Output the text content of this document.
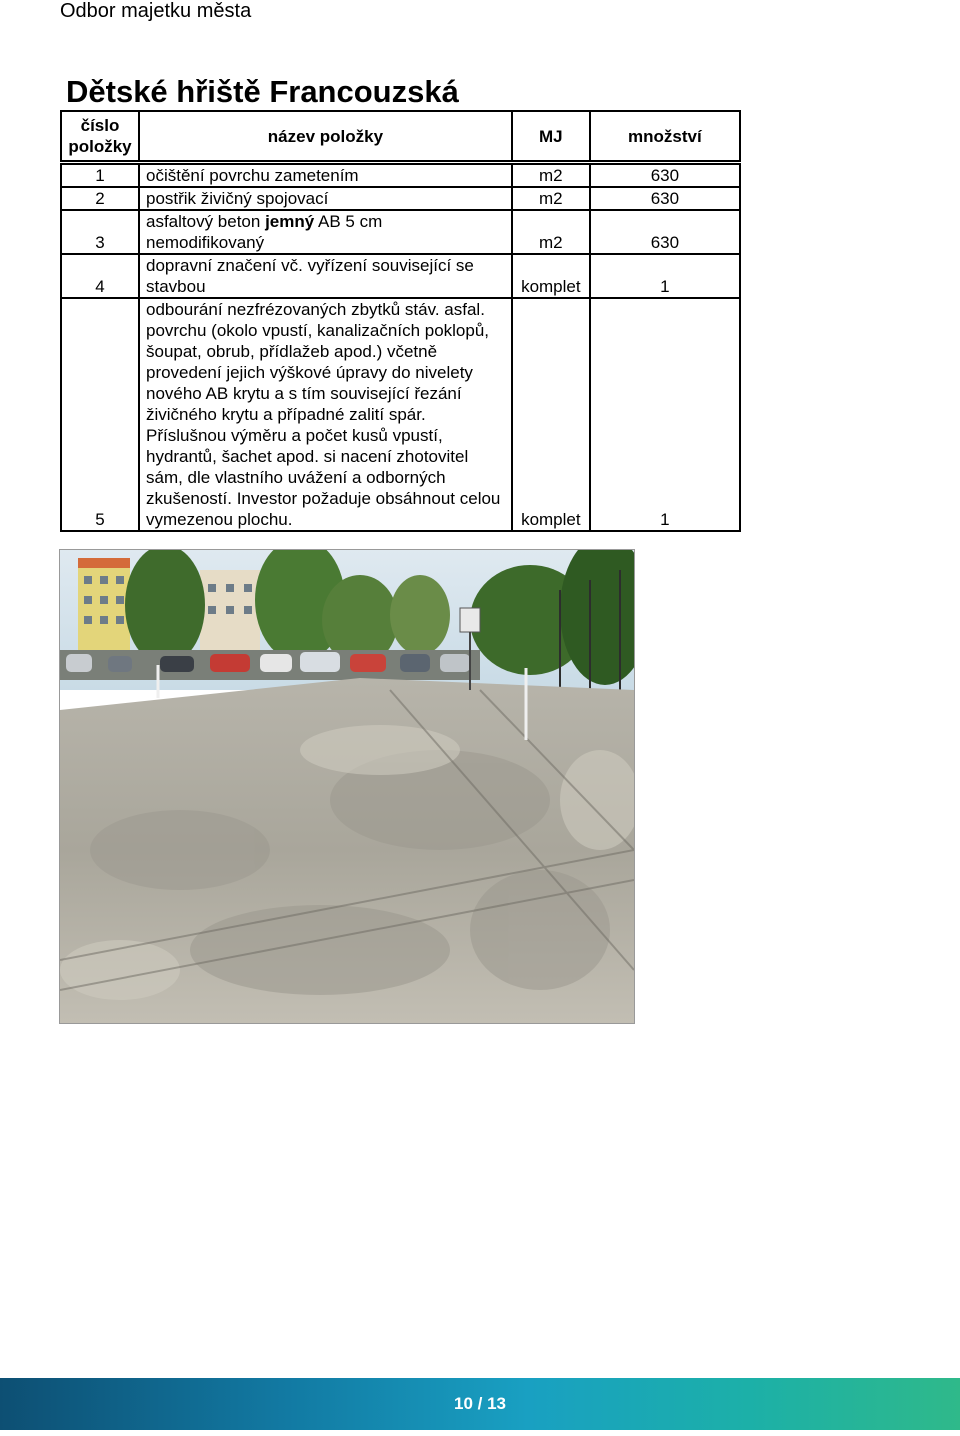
Odbor majetku města
Dětské hřiště Francouzská
číslo položky	název položky	MJ	množství
1	očištění povrchu zametením	m2	630
2	postřik živičný spojovací	m2	630
3	asfaltový beton jemný AB 5 cm nemodifikovaný	m2	630
4	dopravní značení vč. vyřízení související se stavbou	komplet	1
5	odbourání nezfrézovaných zbytků stáv. asfal. povrchu (okolo vpustí, kanalizačních poklopů, šoupat, obrub, přídlažeb apod.) včetně provedení jejich výškové úpravy do nivelety nového AB krytu a s tím související řezání živičného krytu a případné zalití spár. Příslušnou výměru a počet kusů vpustí, hydrantů, šachet apod. si nacení zhotovitel sám, dle vlastního uvážení a odborných zkušeností. Investor požaduje obsáhnout celou vymezenou plochu.	komplet	1
10 / 13
